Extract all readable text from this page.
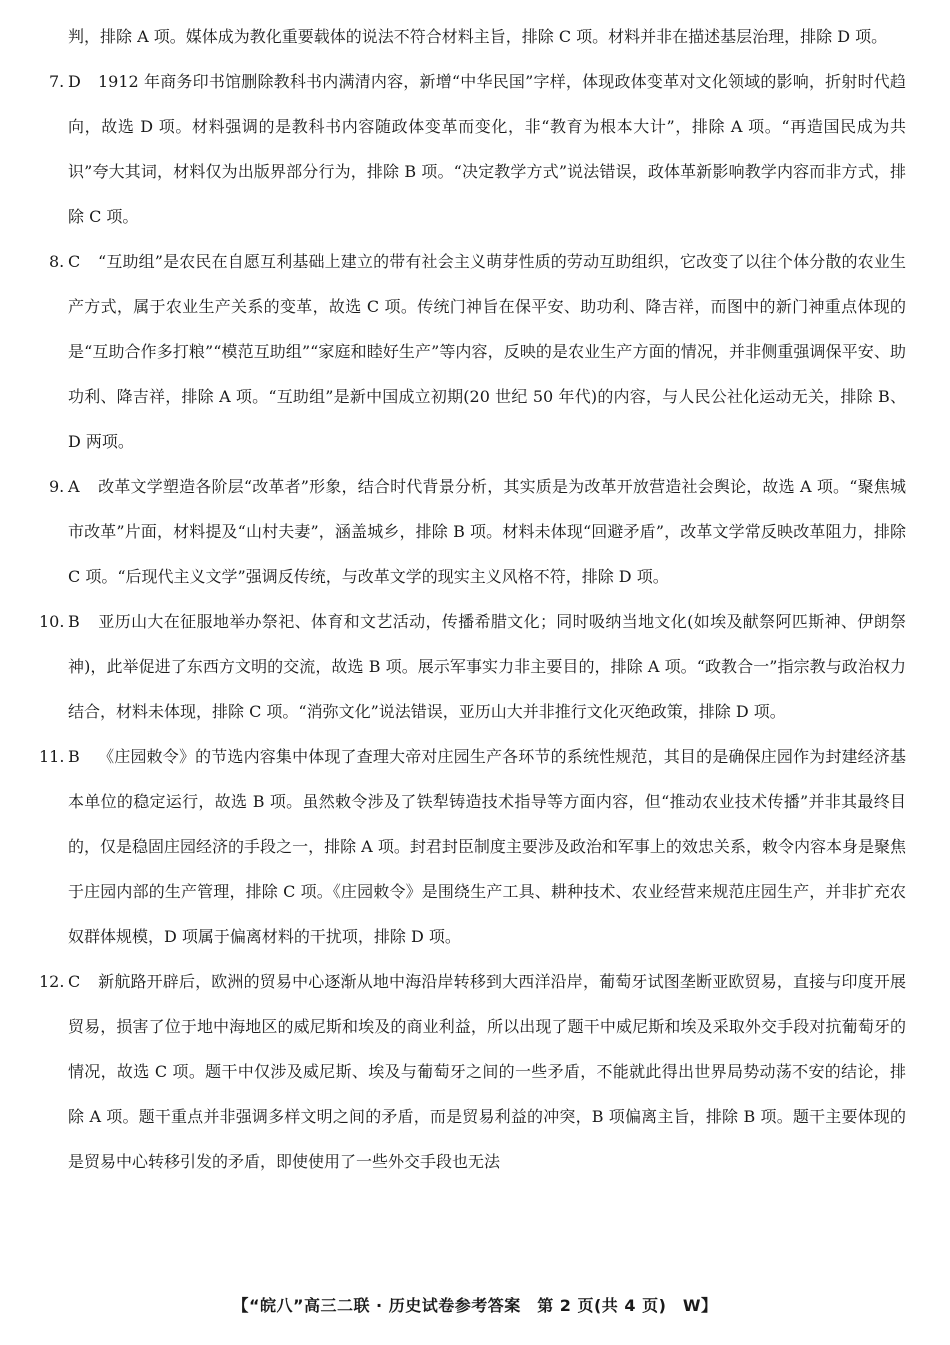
判，排除 A 项。媒体成为教化重要载体的说法不符合材料主旨，排除 C 项。材料并非在描述基层治理，排除 D 项。
7. D 1912 年商务印书馆删除教科书内满清内容，新增“中华民国”字样，体现政体变革对文化领域的影响，折射时代趋向，故选 D 项。材料强调的是教科书内容随政体变革而变化，非“教育为根本大计”，排除 A 项。“再造国民成为共识”夸大其词，材料仅为出版界部分行为，排除 B 项。“决定教学方式”说法错误，政体革新影响教学内容而非方式，排除 C 项。
8. C “互助组”是农民在自愿互利基础上建立的带有社会主义萌芽性质的劳动互助组织，它改变了以往个体分散的农业生产方式，属于农业生产关系的变革，故选 C 项。传统门神旨在保平安、助功利、降吉祥，而图中的新门神重点体现的是“互助合作多打粮”“模范互助组”“家庭和睦好生产”等内容，反映的是农业生产方面的情况，并非侧重强调保平安、助功利、降吉祥，排除 A 项。“互助组”是新中国成立初期(20 世纪 50 年代)的内容，与人民公社化运动无关，排除 B、D 两项。
9. A 改革文学塑造各阶层“改革者”形象，结合时代背景分析，其实质是为改革开放营造社会舆论，故选 A 项。“聚焦城市改革”片面，材料提及“山村夫妻”，涵盖城乡，排除 B 项。材料未体现“回避矛盾”，改革文学常反映改革阻力，排除 C 项。“后现代主义文学”强调反传统，与改革文学的现实主义风格不符，排除 D 项。
10. B 亚历山大在征服地举办祭祀、体育和文艺活动，传播希腊文化；同时吸纳当地文化(如埃及献祭阿匹斯神、伊朗祭神)，此举促进了东西方文明的交流，故选 B 项。展示军事实力非主要目的，排除 A 项。“政教合一”指宗教与政治权力结合，材料未体现，排除 C 项。“消弥文化”说法错误，亚历山大并非推行文化灭绝政策，排除 D 项。
11. B 《庄园敕令》的节选内容集中体现了查理大帝对庄园生产各环节的系统性规范，其目的是确保庄园作为封建经济基本单位的稳定运行，故选 B 项。虽然敕令涉及了铁犁铸造技术指导等方面内容，但“推动农业技术传播”并非其最终目的，仅是稳固庄园经济的手段之一，排除 A 项。封君封臣制度主要涉及政治和军事上的效忠关系，敕令内容本身是聚焦于庄园内部的生产管理，排除 C 项。《庄园敕令》是围绕生产工具、耕种技术、农业经营来规范庄园生产，并非扩充农奴群体规模，D 项属于偏离材料的干扰项，排除 D 项。
12. C 新航路开辟后，欧洲的贸易中心逐渐从地中海沿岸转移到大西洋沿岸，葡萄牙试图垄断亚欧贸易，直接与印度开展贸易，损害了位于地中海地区的威尼斯和埃及的商业利益，所以出现了题干中威尼斯和埃及采取外交手段对抗葡萄牙的情况，故选 C 项。题干中仅涉及威尼斯、埃及与葡萄牙之间的一些矛盾，不能就此得出世界局势动荡不安的结论，排除 A 项。题干重点并非强调多样文明之间的矛盾，而是贸易利益的冲突，B 项偏离主旨，排除 B 项。题干主要体现的是贸易中心转移引发的矛盾，即使使用了一些外交手段也无法
【“皖八”高三二联 · 历史试卷参考答案　第 2 页(共 4 页)　W】
